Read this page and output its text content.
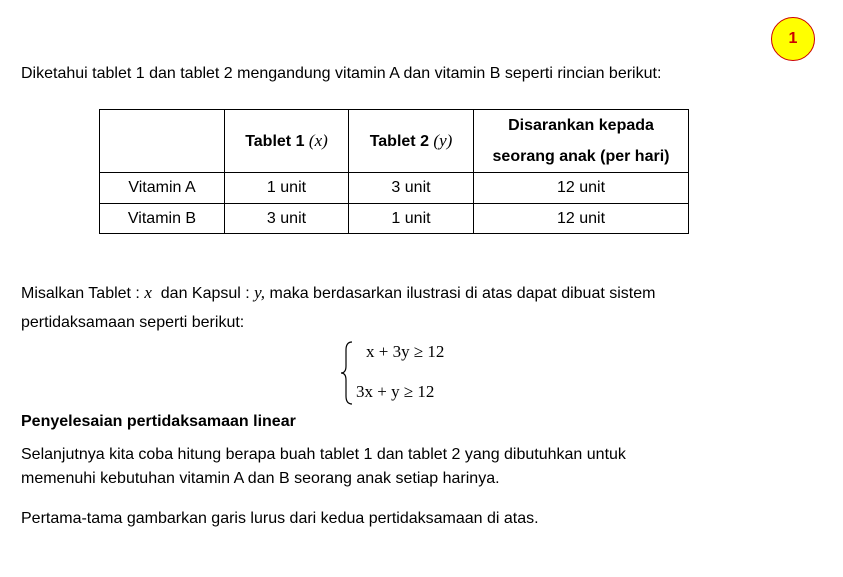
1
Diketahui tablet 1 dan tablet 2 mengandung vitamin A dan vitamin B seperti rincian berikut:
	Tablet 1 (x)	Tablet 2 (y)	Disarankan kepada
seorang anak (per hari)

Vitamin A	1 unit	3 unit	12 unit
Vitamin B	3 unit	1 unit	12 unit
Misalkan Tablet : x dan Kapsul : y, maka berdasarkan ilustrasi di atas dapat dibuat sistem
pertidaksamaan seperti berikut:
x + 3y ≥ 12
3x + y ≥ 12
Penyelesaian pertidaksamaan linear
Selanjutnya kita coba hitung berapa buah tablet 1 dan tablet 2 yang dibutuhkan untuk
memenuhi kebutuhan vitamin A dan B seorang anak setiap harinya.
Pertama-tama gambarkan garis lurus dari kedua pertidaksamaan di atas.
